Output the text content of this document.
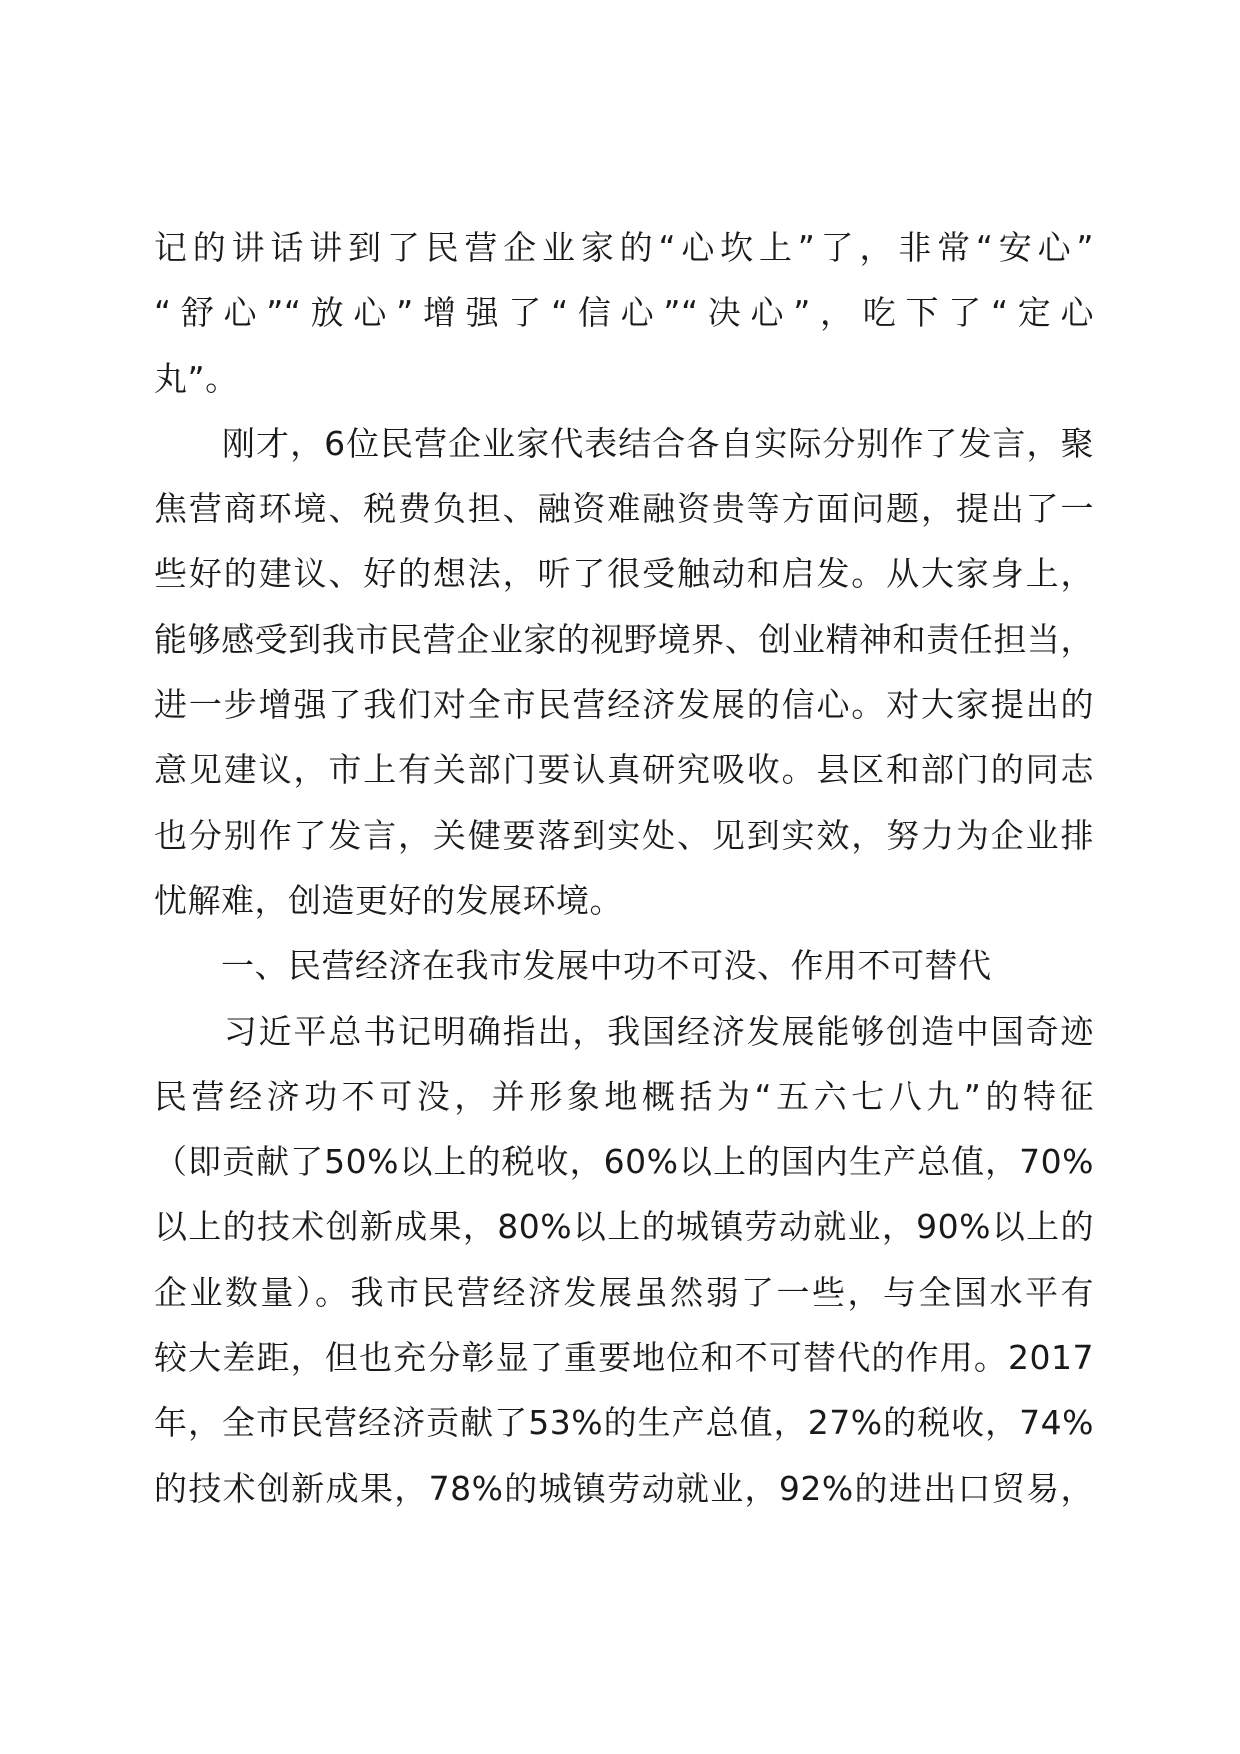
记的讲话讲到了民营企业家的“心坎上”了，非常“安心”
“舒心”“放心”增强了“信心”“决心”，吃下了“定心
丸”。
　　刚才，6位民营企业家代表结合各自实际分别作了发言，聚
焦营商环境、税费负担、融资难融资贵等方面问题，提出了一
些好的建议、好的想法，听了很受触动和启发。从大家身上，
能够感受到我市民营企业家的视野境界、创业精神和责任担当，
进一步增强了我们对全市民营经济发展的信心。对大家提出的
意见建议，市上有关部门要认真研究吸收。县区和部门的同志
也分别作了发言，关健要落到实处、见到实效，努力为企业排
忧解难，创造更好的发展环境。
　　一、民营经济在我市发展中功不可没、作用不可替代
　　习近平总书记明确指出，我国经济发展能够创造中国奇迹
民营经济功不可没，并形象地概括为“五六七八九”的特征
（即贡献了50%以上的税收，60%以上的国内生产总值，70%
以上的技术创新成果，80%以上的城镇劳动就业，90%以上的
企业数量）。我市民营经济发展虽然弱了一些，与全国水平有
较大差距，但也充分彰显了重要地位和不可替代的作用。2017
年，全市民营经济贡献了53%的生产总值，27%的税收，74%
的技术创新成果，78%的城镇劳动就业，92%的进出口贸易，
